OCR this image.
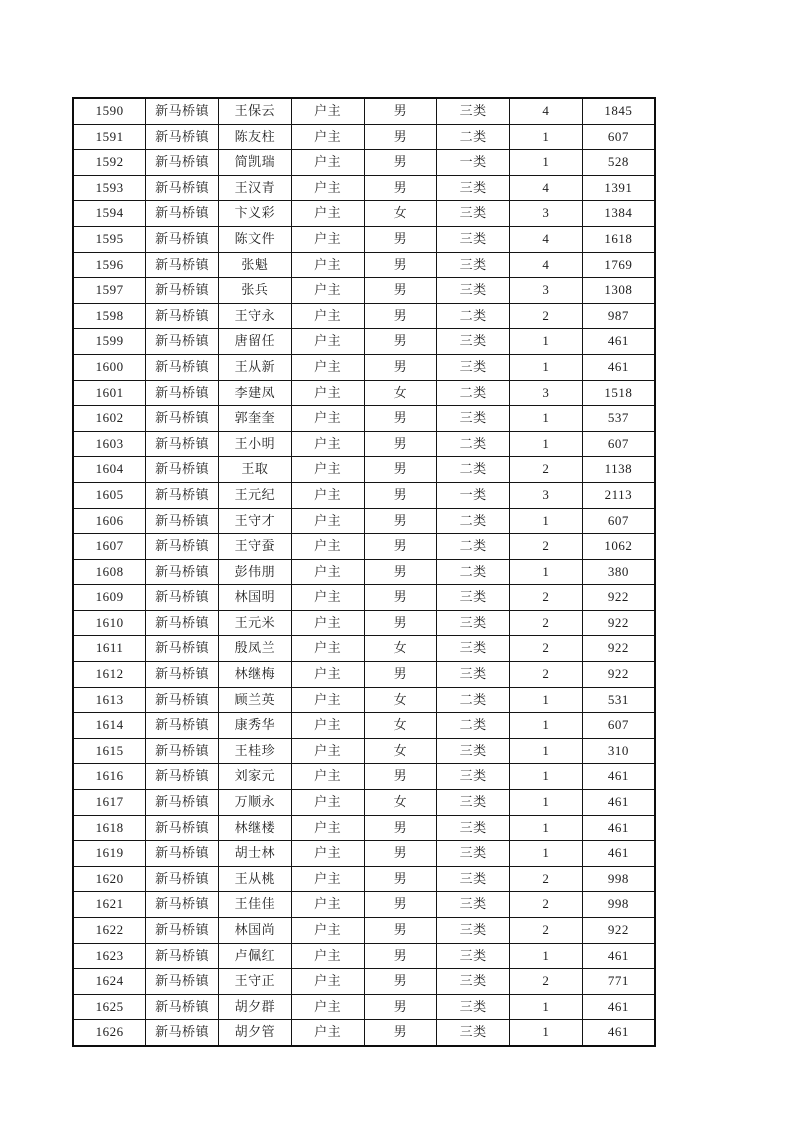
1590	新马桥镇	王保云	户主	男	三类	4	1845
1591	新马桥镇	陈友柱	户主	男	二类	1	607
1592	新马桥镇	简凯瑞	户主	男	一类	1	528
1593	新马桥镇	王汉青	户主	男	三类	4	1391
1594	新马桥镇	卞义彩	户主	女	三类	3	1384
1595	新马桥镇	陈文件	户主	男	三类	4	1618
1596	新马桥镇	张魁	户主	男	三类	4	1769
1597	新马桥镇	张兵	户主	男	三类	3	1308
1598	新马桥镇	王守永	户主	男	二类	2	987
1599	新马桥镇	唐留任	户主	男	三类	1	461
1600	新马桥镇	王从新	户主	男	三类	1	461
1601	新马桥镇	李建凤	户主	女	二类	3	1518
1602	新马桥镇	郭奎奎	户主	男	三类	1	537
1603	新马桥镇	王小明	户主	男	二类	1	607
1604	新马桥镇	王取	户主	男	二类	2	1138
1605	新马桥镇	王元纪	户主	男	一类	3	2113
1606	新马桥镇	王守才	户主	男	二类	1	607
1607	新马桥镇	王守蚕	户主	男	二类	2	1062
1608	新马桥镇	彭伟朋	户主	男	二类	1	380
1609	新马桥镇	林国明	户主	男	三类	2	922
1610	新马桥镇	王元米	户主	男	三类	2	922
1611	新马桥镇	殷凤兰	户主	女	三类	2	922
1612	新马桥镇	林继梅	户主	男	三类	2	922
1613	新马桥镇	顾兰英	户主	女	二类	1	531
1614	新马桥镇	康秀华	户主	女	二类	1	607
1615	新马桥镇	王桂珍	户主	女	三类	1	310
1616	新马桥镇	刘家元	户主	男	三类	1	461
1617	新马桥镇	万顺永	户主	女	三类	1	461
1618	新马桥镇	林继楼	户主	男	三类	1	461
1619	新马桥镇	胡士林	户主	男	三类	1	461
1620	新马桥镇	王从桃	户主	男	三类	2	998
1621	新马桥镇	王佳佳	户主	男	三类	2	998
1622	新马桥镇	林国尚	户主	男	三类	2	922
1623	新马桥镇	卢佩红	户主	男	三类	1	461
1624	新马桥镇	王守正	户主	男	三类	2	771
1625	新马桥镇	胡夕群	户主	男	三类	1	461
1626	新马桥镇	胡夕管	户主	男	三类	1	461
